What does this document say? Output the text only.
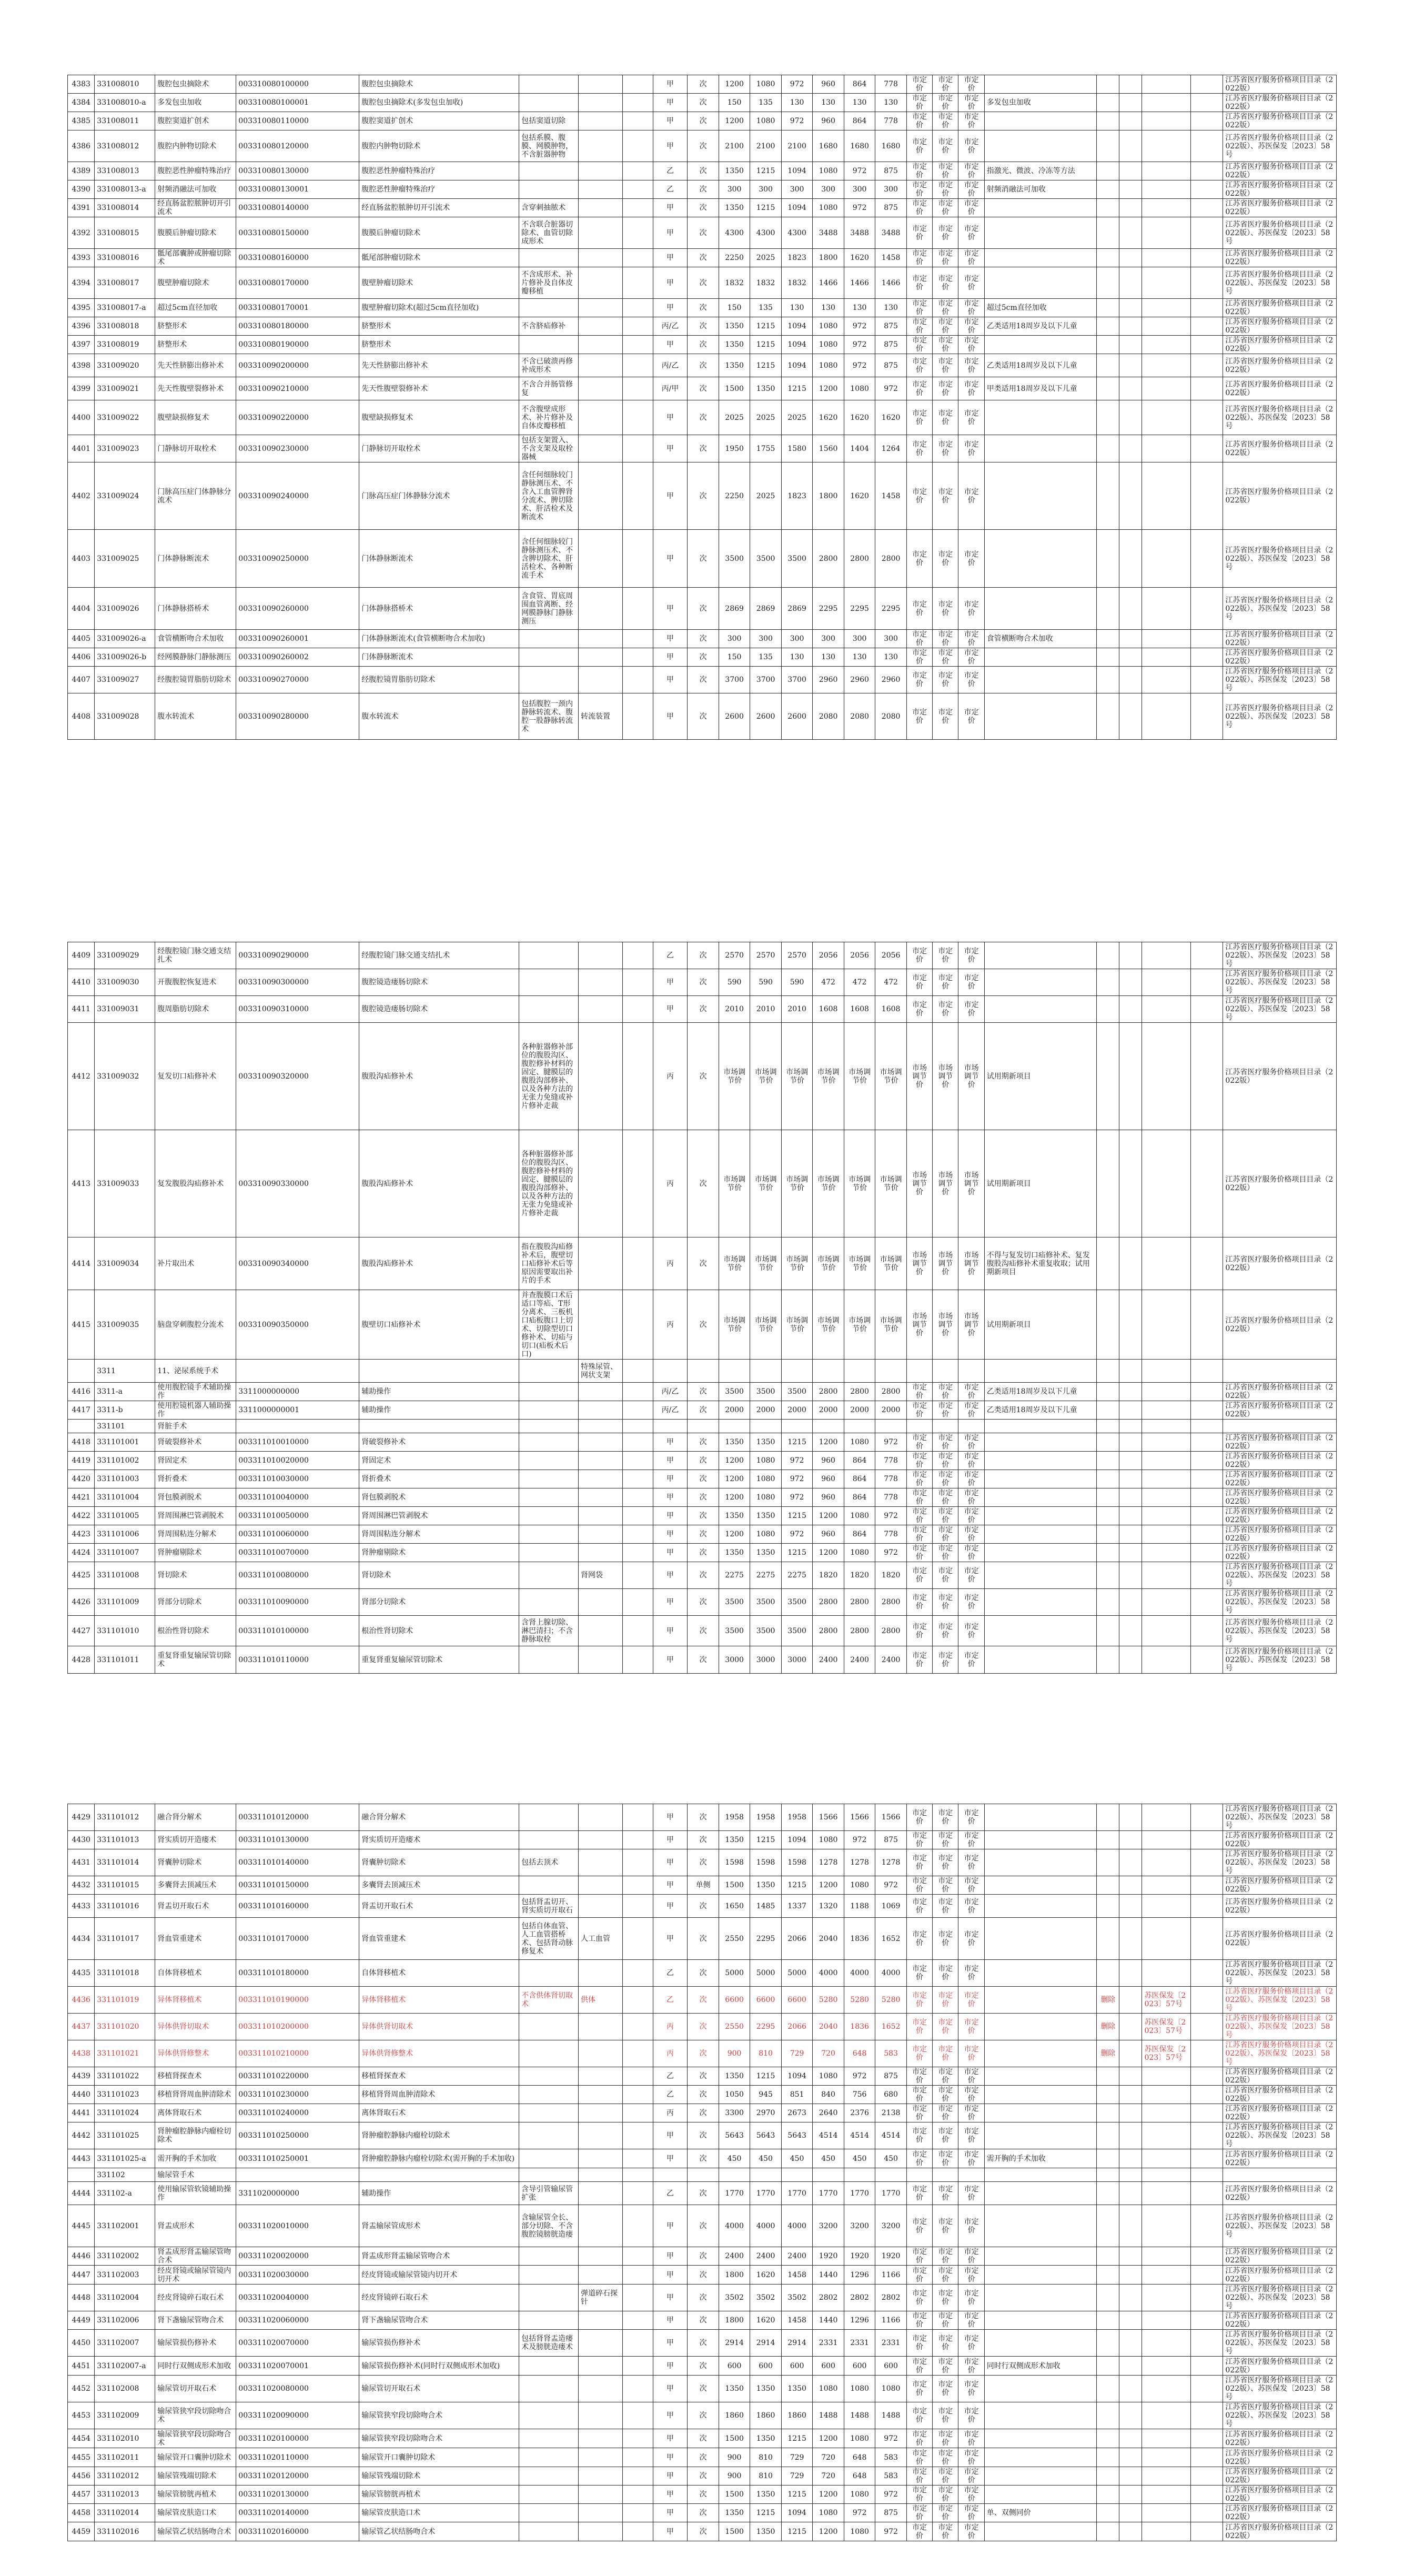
4383	331008010	腹腔包虫摘除术	003310080100000	腹腔包虫摘除术				甲	次	1200	1080	972	960	864	778	市定价	市定价	市定价						江苏省医疗服务价格项目目录（2022版）
4384	331008010-a	多发包虫加收	003310080100001	腹腔包虫摘除术(多发包虫加收)				甲	次	150	135	130	130	130	130	市定价	市定价	市定价	多发包虫加收					江苏省医疗服务价格项目目录（2022版）
4385	331008011	腹腔窦道扩创术	003310080110000	腹腔窦道扩创术	包括窦道切除			甲	次	1200	1080	972	960	864	778	市定价	市定价	市定价						江苏省医疗服务价格项目目录（2022版）
4386	331008012	腹腔内肿物切除术	003310080120000	腹腔内肿物切除术	包括系膜、腹膜、网膜肿物，不含脏器肿物			甲	次	2100	2100	2100	1680	1680	1680	市定价	市定价	市定价						江苏省医疗服务价格项目目录（2022版）、苏医保发〔2023〕58号
4389	331008013	腹腔恶性肿瘤特殊治疗	003310080130000	腹腔恶性肿瘤特殊治疗				乙	次	1350	1215	1094	1080	972	875	市定价	市定价	市定价	指激光、微波、冷冻等方法					江苏省医疗服务价格项目目录（2022版）
4390	331008013-a	射频消融法可加收	003310080130001	腹腔恶性肿瘤特殊治疗				乙	次	300	300	300	300	300	300	市定价	市定价	市定价	射频消融法可加收					江苏省医疗服务价格项目目录（2022版）
4391	331008014	经直肠盆腔脓肿切开引流术	003310080140000	经直肠盆腔脓肿切开引流术	含穿刺抽脓术			甲	次	1350	1215	1094	1080	972	875	市定价	市定价	市定价						江苏省医疗服务价格项目目录（2022版）
4392	331008015	腹膜后肿瘤切除术	003310080150000	腹膜后肿瘤切除术	不含联合脏器切除术、血管切除成形术			甲	次	4300	4300	4300	3488	3488	3488	市定价	市定价	市定价						江苏省医疗服务价格项目目录（2022版）、苏医保发〔2023〕58号
4393	331008016	骶尾部囊肿或肿瘤切除术	003310080160000	骶尾部肿瘤切除术				甲	次	2250	2025	1823	1800	1620	1458	市定价	市定价	市定价						江苏省医疗服务价格项目目录（2022版）
4394	331008017	腹壁肿瘤切除术	003310080170000	腹壁肿瘤切除术	不含成形术、补片修补及自体皮瓣移植			甲	次	1832	1832	1832	1466	1466	1466	市定价	市定价	市定价						江苏省医疗服务价格项目目录（2022版）、苏医保发〔2023〕58号
4395	331008017-a	超过5cm直径加收	003310080170001	腹壁肿瘤切除术(超过5cm直径加收)				甲	次	150	135	130	130	130	130	市定价	市定价	市定价	超过5cm直径加收					江苏省医疗服务价格项目目录（2022版）
4396	331008018	脐整形术	003310080180000	脐整形术	不含脐疝修补			丙/乙	次	1350	1215	1094	1080	972	875	市定价	市定价	市定价	乙类适用18周岁及以下儿童					江苏省医疗服务价格项目目录（2022版）
4397	331008019	脐整形术	003310080190000	脐整形术				甲	次	1350	1215	1094	1080	972	875	市定价	市定价	市定价						江苏省医疗服务价格项目目录（2022版）
4398	331009020	先天性脐膨出修补术	003310090200000	先天性脐膨出修补术	不含已破溃再修补成形术			丙/乙	次	1350	1215	1094	1080	972	875	市定价	市定价	市定价	乙类适用18周岁及以下儿童					江苏省医疗服务价格项目目录（2022版）
4399	331009021	先天性腹壁裂修补术	003310090210000	先天性腹壁裂修补术	不含合并肠管修复			丙/甲	次	1500	1350	1215	1200	1080	972	市定价	市定价	市定价	甲类适用18周岁及以下儿童					江苏省医疗服务价格项目目录（2022版）
4400	331009022	腹壁缺损修复术	003310090220000	腹壁缺损修复术	不含腹壁成形术、补片修补及自体皮瓣移植			甲	次	2025	2025	2025	1620	1620	1620	市定价	市定价	市定价						江苏省医疗服务价格项目目录（2022版）、苏医保发〔2023〕58号
4401	331009023	门静脉切开取栓术	003310090230000	门静脉切开取栓术	包括支架置入、不含支架及取栓器械			甲	次	1950	1755	1580	1560	1404	1264	市定价	市定价	市定价						江苏省医疗服务价格项目目录（2022版）
4402	331009024	门脉高压症门体静脉分流术	003310090240000	门脉高压症门体静脉分流术	含任何细脉较门静脉测压术、不含入工血管脾肾分流术、脾切除术、肝活检术及断流术			甲	次	2250	2025	1823	1800	1620	1458	市定价	市定价	市定价						江苏省医疗服务价格项目目录（2022版）
4403	331009025	门体静脉断流术	003310090250000	门体静脉断流术	含任何细脉较门静脉测压术、不含脾切除术、肝活检术、各种断流手术			甲	次	3500	3500	3500	2800	2800	2800	市定价	市定价	市定价						江苏省医疗服务价格项目目录（2022版）、苏医保发〔2023〕58号
4404	331009026	门体静脉搭桥术	003310090260000	门体静脉搭桥术	含食管、胃底周围血管离断、经网膜静脉门静脉测压			甲	次	2869	2869	2869	2295	2295	2295	市定价	市定价	市定价						江苏省医疗服务价格项目目录（2022版）、苏医保发〔2023〕58号
4405	331009026-a	食管横断吻合术加收	003310090260001	门体静脉断流术(食管横断吻合术加收)				甲	次	300	300	300	300	300	300	市定价	市定价	市定价	食管横断吻合术加收					江苏省医疗服务价格项目目录（2022版）
4406	331009026-b	经网膜静脉门静脉测压	003310090260002	门体静脉断流术				甲	次	150	135	130	130	130	130	市定价	市定价	市定价						江苏省医疗服务价格项目目录（2022版）
4407	331009027	经腹腔镜胃脂肪切除术	003310090270000	经腹腔镜胃脂肪切除术				甲	次	3700	3700	3700	2960	2960	2960	市定价	市定价	市定价						江苏省医疗服务价格项目目录（2022版）、苏医保发〔2023〕58号
4408	331009028	腹水转流术	003310090280000	腹水转流术	包括腹腔一颈内静脉转流术、腹腔一股静脉转流术	转流装置		甲	次	2600	2600	2600	2080	2080	2080	市定价	市定价	市定价						江苏省医疗服务价格项目目录（2022版）、苏医保发〔2023〕58号
4409	331009029	经腹腔镜门脉交通支结扎术	003310090290000	经腹腔镜门脉交通支结扎术				乙	次	2570	2570	2570	2056	2056	2056	市定价	市定价	市定价						江苏省医疗服务价格项目目录（2022版）、苏医保发〔2023〕58号
4410	331009030	开腹腹腔恢复进术	003310090300000	腹腔镜造瘘肠切除术				甲	次	590	590	590	472	472	472	市定价	市定价	市定价						江苏省医疗服务价格项目目录（2022版）、苏医保发〔2023〕58号
4411	331009031	腹周脂肪切除术	003310090310000	腹腔镜造瘘肠切除术				甲	次	2010	2010	2010	1608	1608	1608	市定价	市定价	市定价						江苏省医疗服务价格项目目录（2022版）、苏医保发〔2023〕58号
4412	331009032	复发切口疝修补术	003310090320000	腹股沟疝修补术	各种脏器修补部位的腹股沟区、腹腔修补材料的固定、腱膜层的腹股沟部修补、以及各种方法的无张力免缝或补片修补走裁			丙	次	市场调节价	市场调节价	市场调节价	市场调节价	市场调节价	市场调节价	市场调节价	市场调节价	市场调节价	试用期新项目					江苏省医疗服务价格项目目录（2022版）
4413	331009033	复发腹股沟疝修补术	003310090330000	腹股沟疝修补术	各种脏器修补部位的腹股沟区、腹腔修补材料的固定、腱膜层的腹股沟部修补、以及各种方法的无张力免缝或补片修补走裁			丙	次	市场调节价	市场调节价	市场调节价	市场调节价	市场调节价	市场调节价	市场调节价	市场调节价	市场调节价	试用期新项目					江苏省医疗服务价格项目目录（2022版）
4414	331009034	补片取出术	003310090340000	腹股沟疝修补术	指在腹股沟疝修补术后，腹壁切口疝修补术后等原因需要取出补片的手术			丙	次	市场调节价	市场调节价	市场调节价	市场调节价	市场调节价	市场调节价	市场调节价	市场调节价	市场调节价	不得与复发切口疝修补术、复发腹股沟疝修补术重复收取；试用期新项目					江苏省医疗服务价格项目目录（2022版）
4415	331009035	脑盘穿刺腹腔分流术	003310090350000	腹壁切口疝修补术	并查腹膜口术后适口等疝、T形分离术、三板机口疝板腹口上切术、切除型切口修补术、切疝与切口(疝板术后口)			丙	次	市场调节价	市场调节价	市场调节价	市场调节价	市场调节价	市场调节价	市场调节价	市场调节价	市场调节价	试用期新项目					江苏省医疗服务价格项目目录（2022版）
	3311	11、泌尿系统手术				特殊尿管、网状支架																		
4416	3311-a	使用腹腔镜手术辅助操作	3311000000000	辅助操作				丙/乙	次	3500	3500	3500	2800	2800	2800	市定价	市定价	市定价	乙类适用18周岁及以下儿童					江苏省医疗服务价格项目目录（2022版）
4417	3311-b	使用腔镜机器人辅助操作	3311000000001	辅助操作				丙/乙	次	2000	2000	2000	2000	2000	2000	市定价	市定价	市定价	乙类适用18周岁及以下儿童					江苏省医疗服务价格项目目录（2022版）
	331101	肾脏手术																						
4418	331101001	肾破裂修补术	003311010010000	肾破裂修补术				甲	次	1350	1350	1215	1200	1080	972	市定价	市定价	市定价						江苏省医疗服务价格项目目录（2022版）
4419	331101002	肾固定术	003311010020000	肾固定术				甲	次	1200	1080	972	960	864	778	市定价	市定价	市定价						江苏省医疗服务价格项目目录（2022版）
4420	331101003	肾折叠术	003311010030000	肾折叠术				甲	次	1200	1080	972	960	864	778	市定价	市定价	市定价						江苏省医疗服务价格项目目录（2022版）
4421	331101004	肾包膜剥脱术	003311010040000	肾包膜剥脱术				甲	次	1200	1080	972	960	864	778	市定价	市定价	市定价						江苏省医疗服务价格项目目录（2022版）
4422	331101005	肾周围淋巴管剥脱术	003311010050000	肾周围淋巴管剥脱术				甲	次	1350	1350	1215	1200	1080	972	市定价	市定价	市定价						江苏省医疗服务价格项目目录（2022版）
4423	331101006	肾周围粘连分解术	003311010060000	肾周围粘连分解术				甲	次	1200	1080	972	960	864	778	市定价	市定价	市定价						江苏省医疗服务价格项目目录（2022版）
4424	331101007	肾肿瘤剔除术	003311010070000	肾肿瘤剔除术				甲	次	1350	1350	1215	1200	1080	972	市定价	市定价	市定价						江苏省医疗服务价格项目目录（2022版）
4425	331101008	肾切除术	003311010080000	肾切除术		肾网袋		甲	次	2275	2275	2275	1820	1820	1820	市定价	市定价	市定价						江苏省医疗服务价格项目目录（2022版）、苏医保发〔2023〕58号
4426	331101009	肾部分切除术	003311010090000	肾部分切除术				甲	次	3500	3500	3500	2800	2800	2800	市定价	市定价	市定价						江苏省医疗服务价格项目目录（2022版）、苏医保发〔2023〕58号
4427	331101010	根治性肾切除术	003311010100000	根治性肾切除术	含肾上腺切除、淋巴清扫；不含静脉取栓			甲	次	3500	3500	3500	2800	2800	2800	市定价	市定价	市定价						江苏省医疗服务价格项目目录（2022版）、苏医保发〔2023〕58号
4428	331101011	重复肾重复输尿管切除术	003311010110000	重复肾重复输尿管切除术				甲	次	3000	3000	3000	2400	2400	2400	市定价	市定价	市定价						江苏省医疗服务价格项目目录（2022版）、苏医保发〔2023〕58号
4429	331101012	融合肾分解术	003311010120000	融合肾分解术				甲	次	1958	1958	1958	1566	1566	1566	市定价	市定价	市定价						江苏省医疗服务价格项目目录（2022版）、苏医保发〔2023〕58号
4430	331101013	肾实质切开造瘘术	003311010130000	肾实质切开造瘘术				甲	次	1350	1215	1094	1080	972	875	市定价	市定价	市定价						江苏省医疗服务价格项目目录（2022版）
4431	331101014	肾囊肿切除术	003311010140000	肾囊肿切除术	包括去顶术			甲	次	1598	1598	1598	1278	1278	1278	市定价	市定价	市定价						江苏省医疗服务价格项目目录（2022版）、苏医保发〔2023〕58号
4432	331101015	多囊肾去顶减压术	003311010150000	多囊肾去顶减压术				甲	单侧	1500	1350	1215	1200	1080	972	市定价	市定价	市定价						江苏省医疗服务价格项目目录（2022版）
4433	331101016	肾盂切开取石术	003311010160000	肾盂切开取石术	包括肾盂切开、肾实质切开取石			甲	次	1650	1485	1337	1320	1188	1069	市定价	市定价	市定价						江苏省医疗服务价格项目目录（2022版）
4434	331101017	肾血管重建术	003311010170000	肾血管重建术	包括自体血管、人工血管搭桥术、包括肾动脉修复术	人工血管		甲	次	2550	2295	2066	2040	1836	1652	市定价	市定价	市定价						江苏省医疗服务价格项目目录（2022版）
4435	331101018	自体肾移植术	003311010180000	自体肾移植术				乙	次	5000	5000	5000	4000	4000	4000	市定价	市定价	市定价						江苏省医疗服务价格项目目录（2022版）、苏医保发〔2023〕58号
4436	331101019	异体肾移植术	003311010190000	异体肾移植术	不含供体肾切取术	供体		乙	次	6600	6600	6600	5280	5280	5280	市定价	市定价	市定价		删除		苏医保发〔2023〕57号		江苏省医疗服务价格项目目录（2022版）、苏医保发〔2023〕58号
4437	331101020	异体供肾切取术	003311010200000	异体供肾切取术				丙	次	2550	2295	2066	2040	1836	1652	市定价	市定价	市定价		删除		苏医保发〔2023〕57号		江苏省医疗服务价格项目目录（2022版）、苏医保发〔2023〕58号
4438	331101021	异体供肾修整术	003311010210000	异体供肾修整术				丙	次	900	810	729	720	648	583	市定价	市定价	市定价		删除		苏医保发〔2023〕57号		江苏省医疗服务价格项目目录（2022版）、苏医保发〔2023〕58号
4439	331101022	移植肾探查术	003311010220000	移植肾探查术				乙	次	1350	1215	1094	1080	972	875	市定价	市定价	市定价						江苏省医疗服务价格项目目录（2022版）
4440	331101023	移植肾肾周血肿清除术	003311010230000	移植肾肾周血肿清除术				乙	次	1050	945	851	840	756	680	市定价	市定价	市定价						江苏省医疗服务价格项目目录（2022版）
4441	331101024	离体肾取石术	003311010240000	离体肾取石术				丙	次	3300	2970	2673	2640	2376	2138	市定价	市定价	市定价						江苏省医疗服务价格项目目录（2022版）
4442	331101025	肾肿瘤腔静脉内瘤栓切除术	003311010250000	肾肿瘤腔静脉内瘤栓切除术				甲	次	5643	5643	5643	4514	4514	4514	市定价	市定价	市定价						江苏省医疗服务价格项目目录（2022版）、苏医保发〔2023〕58号
4443	331101025-a	需开胸的手术加收	003311010250001	肾肿瘤腔静脉内瘤栓切除术(需开胸的手术加收)				甲	次	450	450	450	450	450	450	市定价	市定价	市定价	需开胸的手术加收					江苏省医疗服务价格项目目录（2022版）
	331102	输尿管手术																						
4444	331102-a	使用输尿管软镜辅助操作	3311020000000	辅助操作	含导引管输尿管扩张			乙	次	1770	1770	1770	1770	1770	1770	市定价	市定价	市定价						江苏省医疗服务价格项目目录（2022版）
4445	331102001	肾盂成形术	003311020010000	肾盂输尿管成形术	含输尿管全长、部分切除、不含腹腔镜膀胱造瘘			甲	次	4000	4000	4000	3200	3200	3200	市定价	市定价	市定价						江苏省医疗服务价格项目目录（2022版）、苏医保发〔2023〕58号
4446	331102002	肾盂成形肾盂输尿管吻合术	003311020020000	肾盂成形肾盂输尿管吻合术				甲	次	2400	2400	2400	1920	1920	1920	市定价	市定价	市定价						江苏省医疗服务价格项目目录（2022版）
4447	331102003	经皮肾镜或输尿管镜内切开术	003311020030000	经皮肾镜或输尿管镜内切开术				甲	次	1800	1620	1458	1440	1296	1166	市定价	市定价	市定价						江苏省医疗服务价格项目目录（2022版）
4448	331102004	经皮肾镜碎石取石术	003311020040000	经皮肾镜碎石取石术		弹道碎石探针		甲	次	3502	3502	3502	2802	2802	2802	市定价	市定价	市定价						江苏省医疗服务价格项目目录（2022版）、苏医保发〔2023〕58号
4449	331102006	肾下盏输尿管吻合术	003311020060000	肾下盏输尿管吻合术				甲	次	1800	1620	1458	1440	1296	1166	市定价	市定价	市定价						江苏省医疗服务价格项目目录（2022版）
4450	331102007	输尿管损伤修补术	003311020070000	输尿管损伤修补术	包括肾肾盂造瘘术及膀胱造瘘术			甲	次	2914	2914	2914	2331	2331	2331	市定价	市定价	市定价						江苏省医疗服务价格项目目录（2022版）、苏医保发〔2023〕58号
4451	331102007-a	同时行双侧成形术加收	003311020070001	输尿管损伤修补术(同时行双侧成形术加收)				甲	次	600	600	600	600	600	600	市定价	市定价	市定价	同时行双侧成形术加收					江苏省医疗服务价格项目目录（2022版）
4452	331102008	输尿管切开取石术	003311020080000	输尿管切开取石术				甲	次	1350	1350	1350	1080	1080	1080	市定价	市定价	市定价						江苏省医疗服务价格项目目录（2022版）、苏医保发〔2023〕58号
4453	331102009	输尿管狭窄段切除吻合术	003311020090000	输尿管狭窄段切除吻合术				甲	次	1860	1860	1860	1488	1488	1488	市定价	市定价	市定价						江苏省医疗服务价格项目目录（2022版）、苏医保发〔2023〕58号
4454	331102010	输尿管狭窄段切除吻合术	003311020100000	输尿管狭窄段切除吻合术				甲	次	1500	1350	1215	1200	1080	972	市定价	市定价	市定价						江苏省医疗服务价格项目目录（2022版）
4455	331102011	输尿管开口囊肿切除术	003311020110000	输尿管开口囊肿切除术				甲	次	900	810	729	720	648	583	市定价	市定价	市定价						江苏省医疗服务价格项目目录（2022版）
4456	331102012	输尿管残端切除术	003311020120000	输尿管残端切除术				甲	次	900	810	729	720	648	583	市定价	市定价	市定价						江苏省医疗服务价格项目目录（2022版）
4457	331102013	输尿管膀胱再植术	003311020130000	输尿管膀胱再植术				甲	次	1500	1350	1215	1200	1080	972	市定价	市定价	市定价						江苏省医疗服务价格项目目录（2022版）
4458	331102014	输尿管皮肤造口术	003311020140000	输尿管皮肤造口术				甲	次	1350	1215	1094	1080	972	875	市定价	市定价	市定价	单、双侧同价					江苏省医疗服务价格项目目录（2022版）
4459	331102016	输尿管乙状结肠吻合术	003311020160000	输尿管乙状结肠吻合术				甲	次	1500	1350	1215	1200	1080	972	市定价	市定价	市定价						江苏省医疗服务价格项目目录（2022版）
